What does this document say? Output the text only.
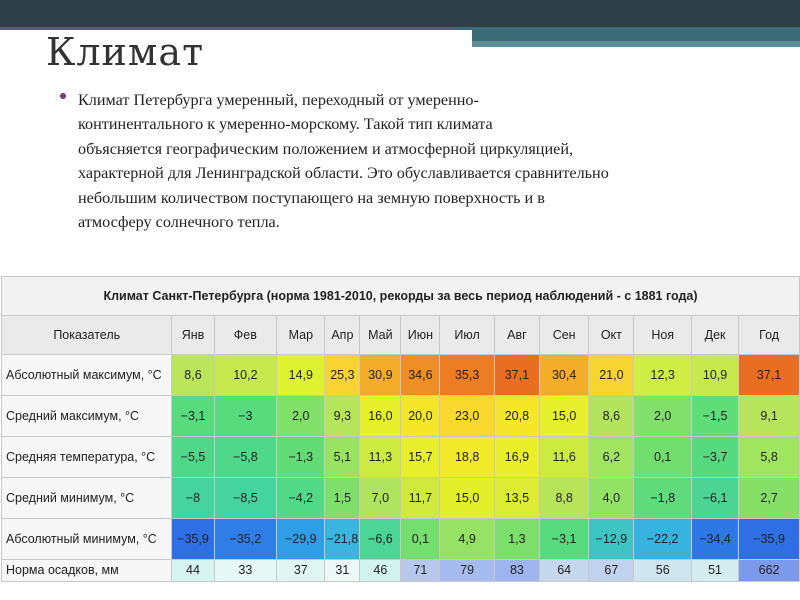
Климат

Климат Петербурга умеренный, переходный от умеренно-
континентального к умеренно-морскому. Такой тип климата
объясняется географическим положением и атмосферной циркуляцией,
характерной для Ленинградской области. Это обуславливается сравнительно
небольшим количеством поступающего на земную поверхность и в
атмосферу солнечного тепла.

Климат Санкт-Петербурга (норма 1981-2010, рекорды за весь период наблюдений - с 1881 года)													
Показатель	Янв	Фев	Мар	Апр	Май	Июн	Июл	Авг	Сен	Окт	Ноя	Дек	Год
Абсолютный максимум, °C	8,6	10,2	14,9	25,3	30,9	34,6	35,3	37,1	30,4	21,0	12,3	10,9	37,1
Средний максимум, °C	−3,1	−3	2,0	9,3	16,0	20,0	23,0	20,8	15,0	8,6	2,0	−1,5	9,1
Средняя температура, °C	−5,5	−5,8	−1,3	5,1	11,3	15,7	18,8	16,9	11,6	6,2	0,1	−3,7	5,8
Средний минимум, °C	−8	−8,5	−4,2	1,5	7,0	11,7	15,0	13,5	8,8	4,0	−1,8	−6,1	2,7
Абсолютный минимум, °C	−35,9	−35,2	−29,9	−21,8	−6,6	0,1	4,9	1,3	−3,1	−12,9	−22,2	−34,4	−35,9
Норма осадков, мм	44	33	37	31	46	71	79	83	64	67	56	51	662
